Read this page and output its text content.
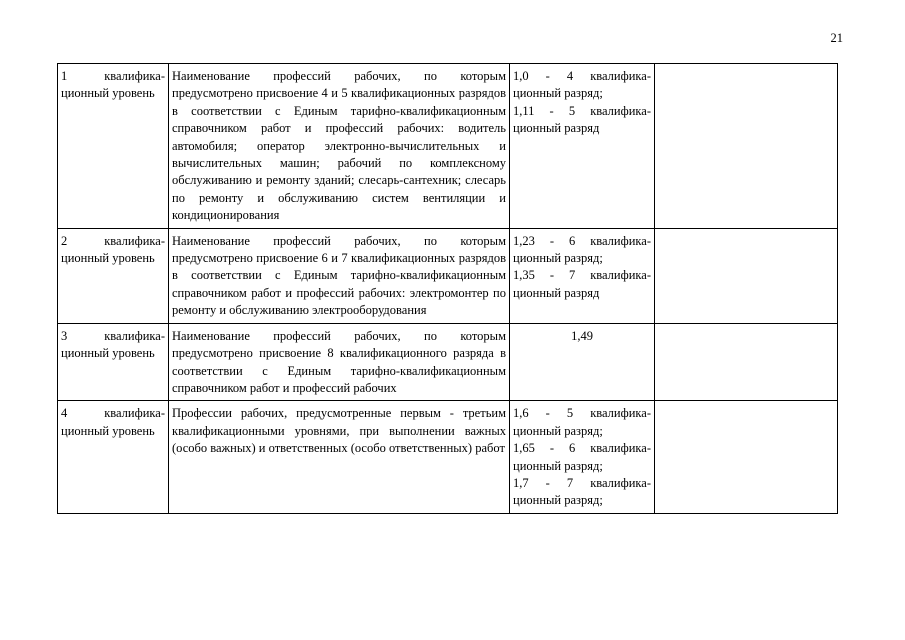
21
1 квалифика-ционный уровень	Наименование профессий рабочих, по которым предусмотрено присвоение 4 и 5 квалификационных разрядов в соответствии с Единым тарифно-квалификационным справочником работ и профессий рабочих: водитель автомобиля; оператор электронно-вычислительных и вычислительных машин; рабочий по комплексному обслуживанию и ремонту зданий; слесарь-сантехник; слесарь по ремонту и обслуживанию систем вентиляции и кондиционирования	1,0 - 4 квалифика-ционный разряд;
1,11 - 5 квалифика-ционный разряд	

2 квалифика-ционный уровень	Наименование профессий рабочих, по которым предусмотрено присвоение 6 и 7 квалификационных разрядов в соответствии с Единым тарифно-квалификационным справочником работ и профессий рабочих: электромонтер по ремонту и обслуживанию электрооборудования	1,23 - 6 квалифика-ционный разряд;
1,35 - 7 квалифика-ционный разряд	

3 квалифика-ционный уровень	Наименование профессий рабочих, по которым предусмотрено присвоение 8 квалификационного разряда в соответствии с Единым тарифно-квалификационным справочником работ и профессий рабочих	1,49	
4 квалифика-ционный уровень	Профессии рабочих, предусмотренные первым - третьим квалификационными уровнями, при выполнении важных (особо важных) и ответственных (особо ответственных) работ	1,6 - 5 квалифика-ционный разряд;
1,65 - 6 квалифика-ционный разряд;
1,7 - 7 квалифика-ционный разряд;	
